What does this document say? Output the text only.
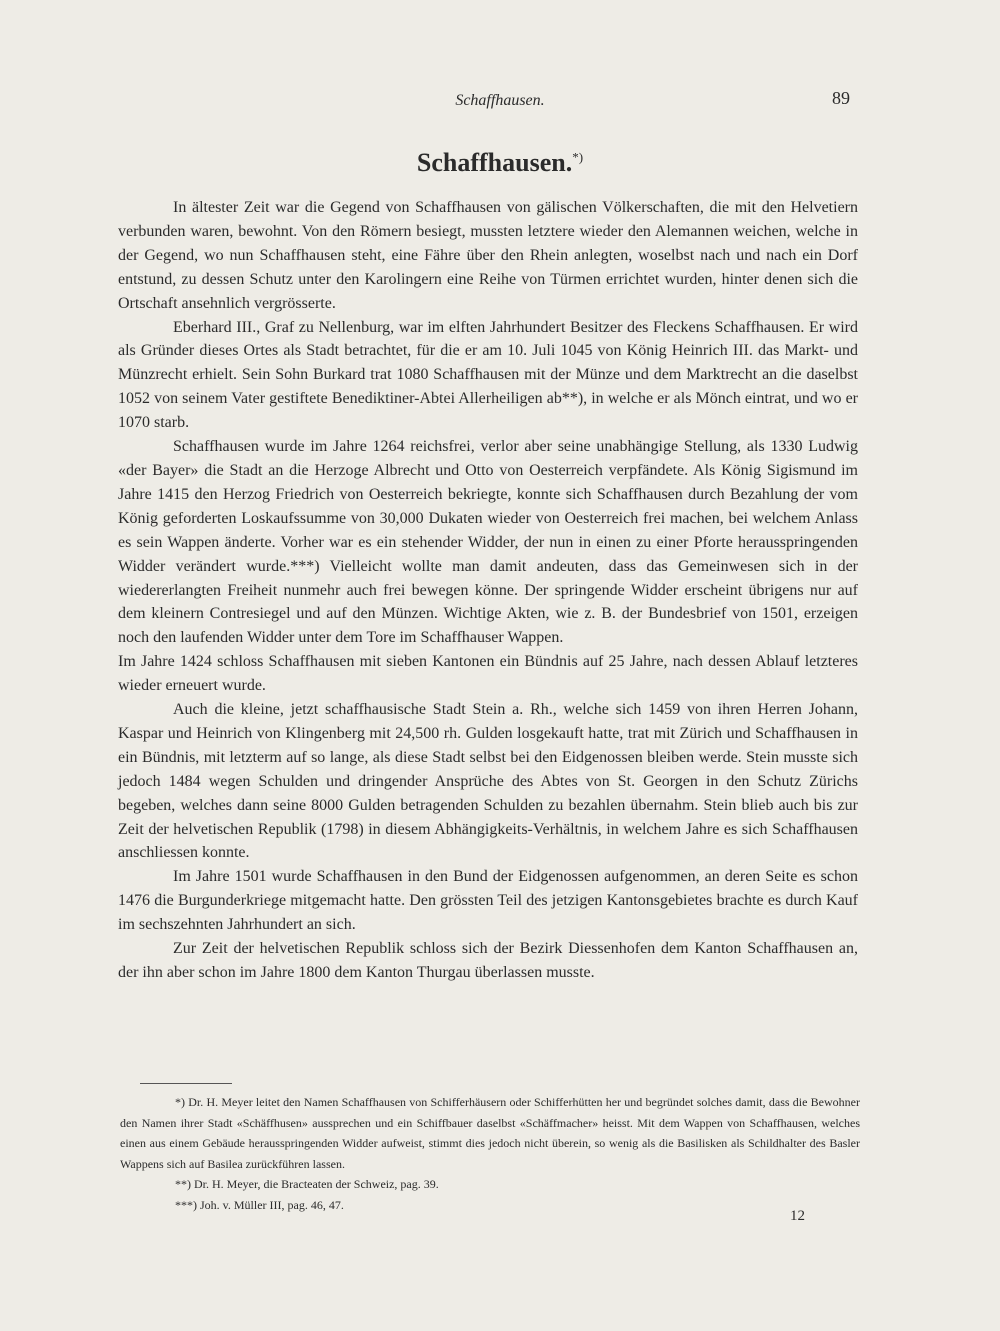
Schaffhausen.	89
Schaffhausen.*)

In ältester Zeit war die Gegend von Schaffhausen von gälischen Völkerschaften, die mit den Helvetiern verbunden waren, bewohnt. Von den Römern besiegt, mussten letztere wieder den Alemannen weichen, welche in der Gegend, wo nun Schaffhausen steht, eine Fähre über den Rhein anlegten, woselbst nach und nach ein Dorf entstund, zu dessen Schutz unter den Karolingern eine Reihe von Türmen errichtet wurden, hinter denen sich die Ortschaft ansehnlich vergrösserte.

Eberhard III., Graf zu Nellenburg, war im elften Jahrhundert Besitzer des Fleckens Schaffhausen. Er wird als Gründer dieses Ortes als Stadt betrachtet, für die er am 10. Juli 1045 von König Heinrich III. das Markt- und Münzrecht erhielt. Sein Sohn Burkard trat 1080 Schaffhausen mit der Münze und dem Marktrecht an die daselbst 1052 von seinem Vater gestiftete Benediktiner-Abtei Allerheiligen ab**), in welche er als Mönch eintrat, und wo er 1070 starb.

Schaffhausen wurde im Jahre 1264 reichsfrei, verlor aber seine unabhängige Stellung, als 1330 Ludwig «der Bayer» die Stadt an die Herzoge Albrecht und Otto von Oesterreich verpfändete. Als König Sigismund im Jahre 1415 den Herzog Friedrich von Oesterreich bekriegte, konnte sich Schaffhausen durch Bezahlung der vom König geforderten Loskaufssumme von 30,000 Dukaten wieder von Oesterreich frei machen, bei welchem Anlass es sein Wappen änderte. Vorher war es ein stehender Widder, der nun in einen zu einer Pforte herausspringenden Widder verändert wurde.***) Vielleicht wollte man damit andeuten, dass das Gemeinwesen sich in der wiedererlangten Freiheit nunmehr auch frei bewegen könne. Der springende Widder erscheint übrigens nur auf dem kleinern Contresiegel und auf den Münzen. Wichtige Akten, wie z. B. der Bundesbrief von 1501, erzeigen noch den laufenden Widder unter dem Tore im Schaffhauser Wappen.

Im Jahre 1424 schloss Schaffhausen mit sieben Kantonen ein Bündnis auf 25 Jahre, nach dessen Ablauf letzteres wieder erneuert wurde.

Auch die kleine, jetzt schaffhausische Stadt Stein a. Rh., welche sich 1459 von ihren Herren Johann, Kaspar und Heinrich von Klingenberg mit 24,500 rh. Gulden losgekauft hatte, trat mit Zürich und Schaffhausen in ein Bündnis, mit letzterm auf so lange, als diese Stadt selbst bei den Eidgenossen bleiben werde. Stein musste sich jedoch 1484 wegen Schulden und dringender Ansprüche des Abtes von St. Georgen in den Schutz Zürichs begeben, welches dann seine 8000 Gulden betragenden Schulden zu bezahlen übernahm. Stein blieb auch bis zur Zeit der helvetischen Republik (1798) in diesem Abhängigkeits-Verhältnis, in welchem Jahre es sich Schaffhausen anschliessen konnte.

Im Jahre 1501 wurde Schaffhausen in den Bund der Eidgenossen aufgenommen, an deren Seite es schon 1476 die Burgunderkriege mitgemacht hatte. Den grössten Teil des jetzigen Kantonsgebietes brachte es durch Kauf im sechszehnten Jahrhundert an sich.

Zur Zeit der helvetischen Republik schloss sich der Bezirk Diessenhofen dem Kanton Schaffhausen an, der ihn aber schon im Jahre 1800 dem Kanton Thurgau überlassen musste.

*) Dr. H. Meyer leitet den Namen Schaffhausen von Schifferhäusern oder Schifferhütten her und begründet solches damit, dass die Bewohner den Namen ihrer Stadt «Schäffhusen» aussprechen und ein Schiffbauer daselbst «Schäffmacher» heisst. Mit dem Wappen von Schaffhausen, welches einen aus einem Gebäude herausspringenden Widder aufweist, stimmt dies jedoch nicht überein, so wenig als die Basilisken als Schildhalter des Basler Wappens sich auf Basilea zurückführen lassen.

**) Dr. H. Meyer, die Bracteaten der Schweiz, pag. 39.

***) Joh. v. Müller III, pag. 46, 47.

12
